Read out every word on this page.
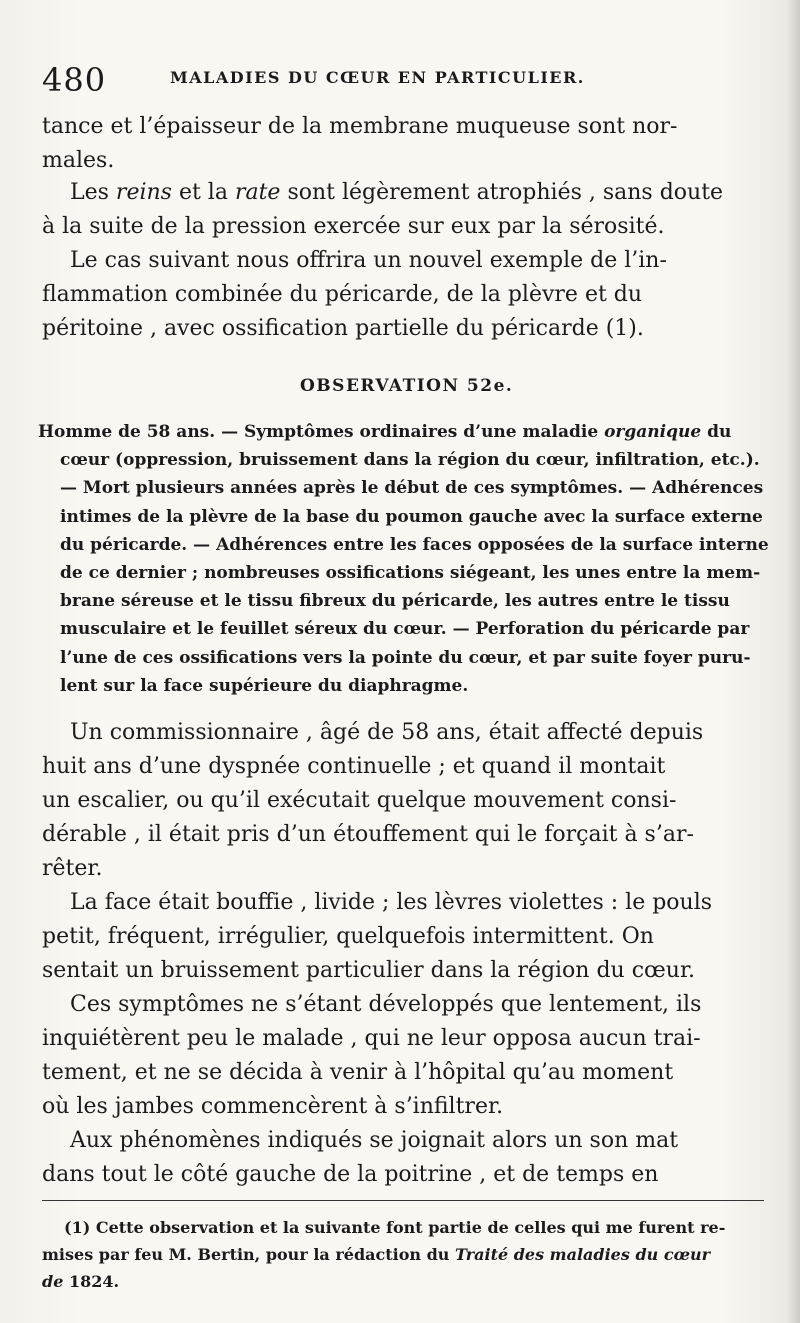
480	MALADIES DU CŒUR EN PARTICULIER.
tance et l’épaisseur de la membrane muqueuse sont nor-
males.
Les reins et la rate sont légèrement atrophiés , sans doute
à la suite de la pression exercée sur eux par la sérosité.
Le cas suivant nous offrira un nouvel exemple de l’in-
flammation combinée du péricarde, de la plèvre et du
péritoine , avec ossification partielle du péricarde (1).
OBSERVATION 52e.
Homme de 58 ans. — Symptômes ordinaires d’une maladie organique du
cœur (oppression, bruissement dans la région du cœur, infiltration, etc.).
— Mort plusieurs années après le début de ces symptômes. — Adhérences
intimes de la plèvre de la base du poumon gauche avec la surface externe
du péricarde. — Adhérences entre les faces opposées de la surface interne
de ce dernier ; nombreuses ossifications siégeant, les unes entre la mem-
brane séreuse et le tissu fibreux du péricarde, les autres entre le tissu
musculaire et le feuillet séreux du cœur. — Perforation du péricarde par
l’une de ces ossifications vers la pointe du cœur, et par suite foyer puru-
lent sur la face supérieure du diaphragme.
Un commissionnaire , âgé de 58 ans, était affecté depuis
huit ans d’une dyspnée continuelle ; et quand il montait
un escalier, ou qu’il exécutait quelque mouvement consi-
dérable , il était pris d’un étouffement qui le forçait à s’ar-
rêter.
La face était bouffie , livide ; les lèvres violettes : le pouls
petit, fréquent, irrégulier, quelquefois intermittent. On
sentait un bruissement particulier dans la région du cœur.
Ces symptômes ne s’étant développés que lentement, ils
inquiétèrent peu le malade , qui ne leur opposa aucun trai-
tement, et ne se décida à venir à l’hôpital qu’au moment
où les jambes commencèrent à s’infiltrer.
Aux phénomènes indiqués se joignait alors un son mat
dans tout le côté gauche de la poitrine , et de temps en
(1) Cette observation et la suivante font partie de celles qui me furent re-
mises par feu M. Bertin, pour la rédaction du Traité des maladies du cœur
de 1824.
